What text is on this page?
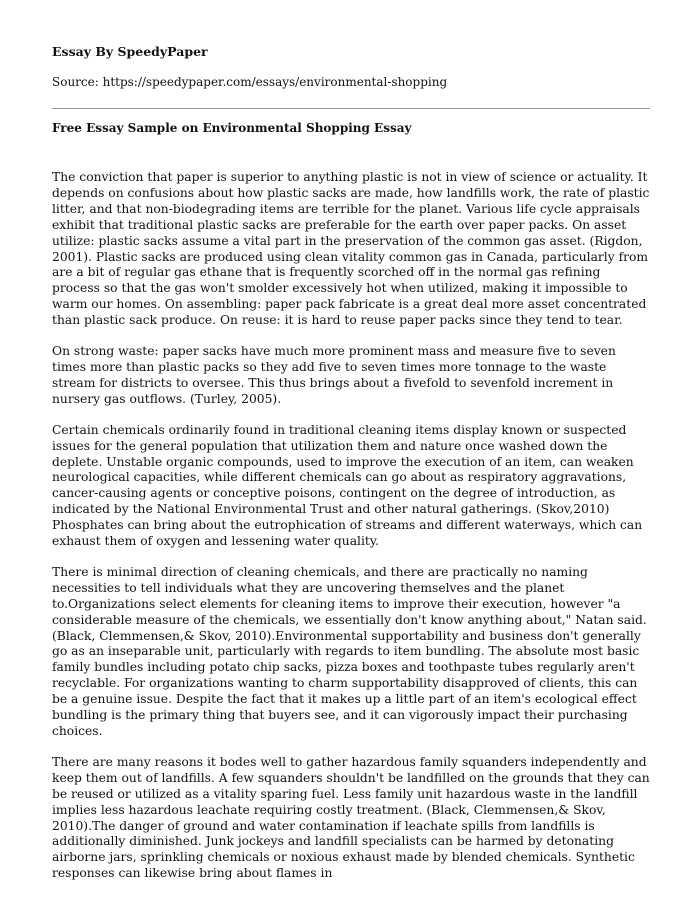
Essay By SpeedyPaper
Source: https://speedypaper.com/essays/environmental-shopping
Free Essay Sample on Environmental Shopping Essay

The conviction that paper is superior to anything plastic is not in view of science or actuality. It depends on confusions about how plastic sacks are made, how landfills work, the rate of plastic litter, and that non-biodegrading items are terrible for the planet. Various life cycle appraisals exhibit that traditional plastic sacks are preferable for the earth over paper packs. On asset utilize: plastic sacks assume a vital part in the preservation of the common gas asset. (Rigdon, 2001). Plastic sacks are produced using clean vitality common gas in Canada, particularly from are a bit of regular gas ethane that is frequently scorched off in the normal gas refining process so that the gas won't smolder excessively hot when utilized, making it impossible to warm our homes. On assembling: paper pack fabricate is a great deal more asset concentrated than plastic sack produce. On reuse: it is hard to reuse paper packs since they tend to tear.

On strong waste: paper sacks have much more prominent mass and measure five to seven times more than plastic packs so they add five to seven times more tonnage to the waste stream for districts to oversee. This thus brings about a fivefold to sevenfold increment in nursery gas outflows. (Turley, 2005).

Certain chemicals ordinarily found in traditional cleaning items display known or suspected issues for the general population that utilization them and nature once washed down the deplete. Unstable organic compounds, used to improve the execution of an item, can weaken neurological capacities, while different chemicals can go about as respiratory aggravations, cancer-causing agents or conceptive poisons, contingent on the degree of introduction, as indicated by the National Environmental Trust and other natural gatherings. (Skov,2010) Phosphates can bring about the eutrophication of streams and different waterways, which can exhaust them of oxygen and lessening water quality.

There is minimal direction of cleaning chemicals, and there are practically no naming necessities to tell individuals what they are uncovering themselves and the planet to.Organizations select elements for cleaning items to improve their execution, however "a considerable measure of the chemicals, we essentially don't know anything about," Natan said. (Black, Clemmensen,& Skov, 2010).Environmental supportability and business don't generally go as an inseparable unit, particularly with regards to item bundling. The absolute most basic family bundles including potato chip sacks, pizza boxes and toothpaste tubes regularly aren't recyclable. For organizations wanting to charm supportability disapproved of clients, this can be a genuine issue. Despite the fact that it makes up a little part of an item's ecological effect bundling is the primary thing that buyers see, and it can vigorously impact their purchasing choices.

There are many reasons it bodes well to gather hazardous family squanders independently and keep them out of landfills. A few squanders shouldn't be landfilled on the grounds that they can be reused or utilized as a vitality sparing fuel. Less family unit hazardous waste in the landfill implies less hazardous leachate requiring costly treatment. (Black, Clemmensen,& Skov, 2010).The danger of ground and water contamination if leachate spills from landfills is additionally diminished. Junk jockeys and landfill specialists can be harmed by detonating airborne jars, sprinkling chemicals or noxious exhaust made by blended chemicals. Synthetic responses can likewise bring about flames in
